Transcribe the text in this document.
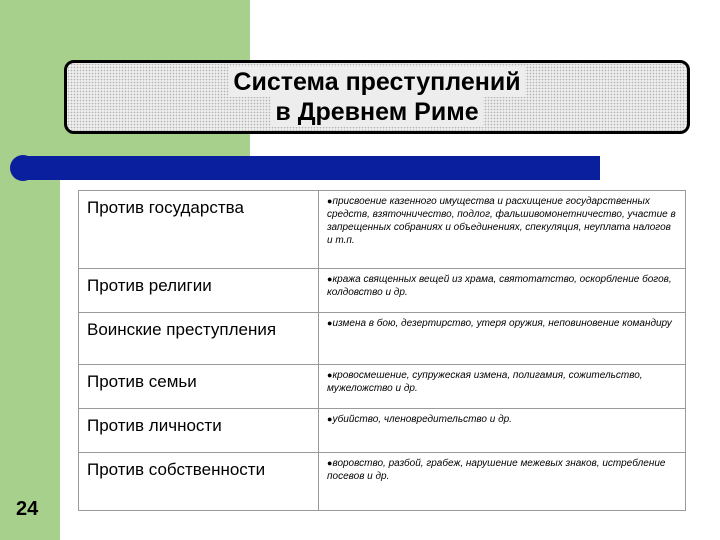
Система преступлений
в Древнем Риме
Против государства	●присвоение казенного имущества и расхищение государственных средств, взяточничество, подлог, фальшивомонетничество, участие в запрещенных собраниях и объединениях, спекуляция, неуплата налогов и т.п.
Против религии	●кража священных вещей из храма, святотатство, оскорбление богов, колдовство и др.
Воинские преступления	●измена в бою, дезертирство, утеря оружия, неповиновение командиру
Против семьи	●кровосмешение, супружеская измена, полигамия, сожительство, мужеложство и др.
Против личности	●убийство, членовредительство и др.
Против собственности	●воровство, разбой, грабеж, нарушение межевых знаков, истребление посевов и др.
24
